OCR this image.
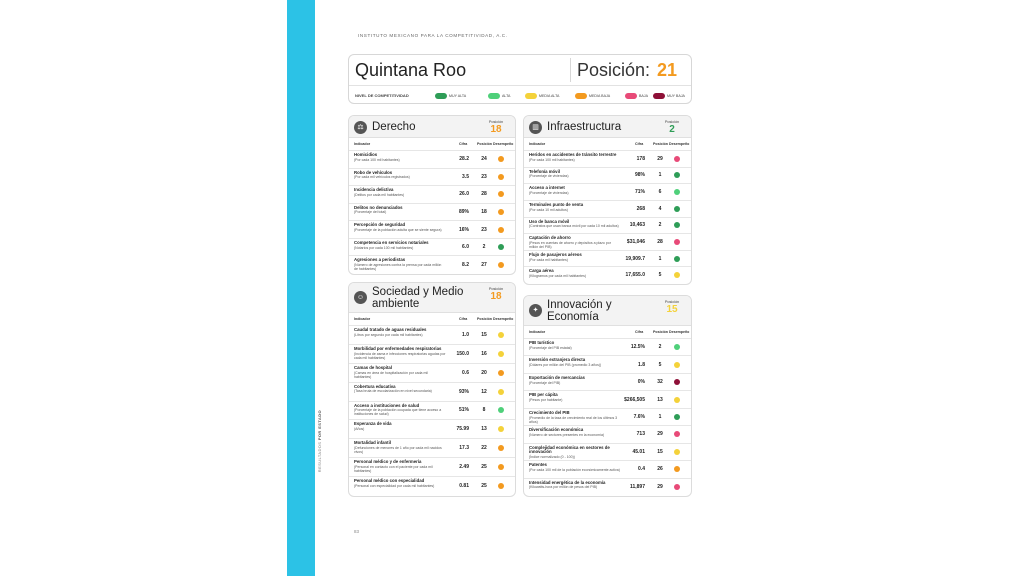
RESULTADOS POR ESTADO
INSTITUTO MEXICANO PARA LA COMPETITIVIDAD, A.C.
Quintana Roo	Posición: 21
NIVEL DE COMPETITIVIDAD	MUY ALTA	ALTA	MEDIA ALTA	MEDIA BAJA	BAJA	MUY BAJA
⚖ Derecho	Posición
18
Indicador	Cifra	Posición Desempeño
Homicidios
(Por cada 100 mil habitantes)	28.2	24
Robo de vehículos
(Por cada mil vehículos registrados)	3.5	23
Incidencia delictiva
(Delitos por cada mil habitantes)	26.0	28
Delitos no denunciados
(Porcentaje del total)	89%	18
Percepción de seguridad
(Porcentaje de la población adulta que se siente segura)	16%	23
Competencia en servicios notariales
(Notarios por cada 100 mil habitantes)	6.0	2
Agresiones a periodistas
(Número de agresiones contra la prensa por cada millón de habitantes)
8.2	27
☺ Sociedad y Medio ambiente
Posición
18
Indicador	Cifra	Posición Desempeño
Caudal tratado de aguas residuales
(Litros por segundo por cada mil habitantes)	1.0	15
Morbilidad por enfermedades respiratorias
(Incidencia de asma e infecciones respiratorias agudas por cada mil habitantes)
150.0	16
Camas de hospital
(Camas en área de hospitalización por cada mil habitantes)
0.6	20
Cobertura educativa
(Tasa bruta de escolarización en nivel secundaria)	93%	12
Acceso a instituciones de salud
(Porcentaje de la población ocupada que tiene acceso a instituciones de salud)
51%	8
Esperanza de vida
(Años)	75.99	13
Mortalidad infantil
(Defunciones de menores de 1 año por cada mil nacidos vivos)
17.3	22
Personal médico y de enfermería
(Personal en contacto con el paciente por cada mil habitantes)
2.49	25
Personal médico con especialidad
(Personal con especialidad por cada mil habitantes)	0.81	25
▥ Infraestructura	Posición
2
Indicador	Cifra	Posición Desempeño
Heridos en accidentes de tránsito terrestre
(Por cada 100 mil habitantes)	178	29
Telefonía móvil
(Porcentaje de viviendas)	98%	1
Acceso a internet
(Porcentaje de viviendas)	71%	6
Terminales punto de venta
(Por cada 10 mil adultos)	268	4
Uso de banca móvil
(Contratos que usan banca móvil por cada 10 mil adultos)	10,463	2
Captación de ahorro
(Pesos en cuentas de ahorro y depósitos a plazo por millón del PIB)
$31,046	28
Flujo de pasajeros aéreos
(Por cada mil habitantes)	19,909.7	1
Carga aérea
(Kilogramos por cada mil habitantes)	17,655.0	5
✦ Innovación y Economía
Posición
15
Indicador	Cifra	Posición Desempeño
PIB turístico
(Porcentaje del PIB estatal)	12.5%	2
Inversión extranjera directa
(Dólares por millón del PIB (promedio 3 años))	1.8	5
Exportación de mercancías
(Porcentaje del PIB)	0%	32
PIB per cápita
(Pesos por habitante)	$266,505	13
Crecimiento del PIB
(Promedio de la tasa de crecimiento real de los últimos 3 años)
7.6%	1
Diversificación económica
(Número de sectores presentes en la economía)	713	29
Complejidad económica en sectores de innovación
(Índice normalizado (0 - 100))
45.01	15
Patentes
(Por cada 100 mil de la población económicamente activa)	0.4	26
Intensidad energética de la economía
(Kilowatts-hora por millón de pesos del PIB)	11,897	29
83
